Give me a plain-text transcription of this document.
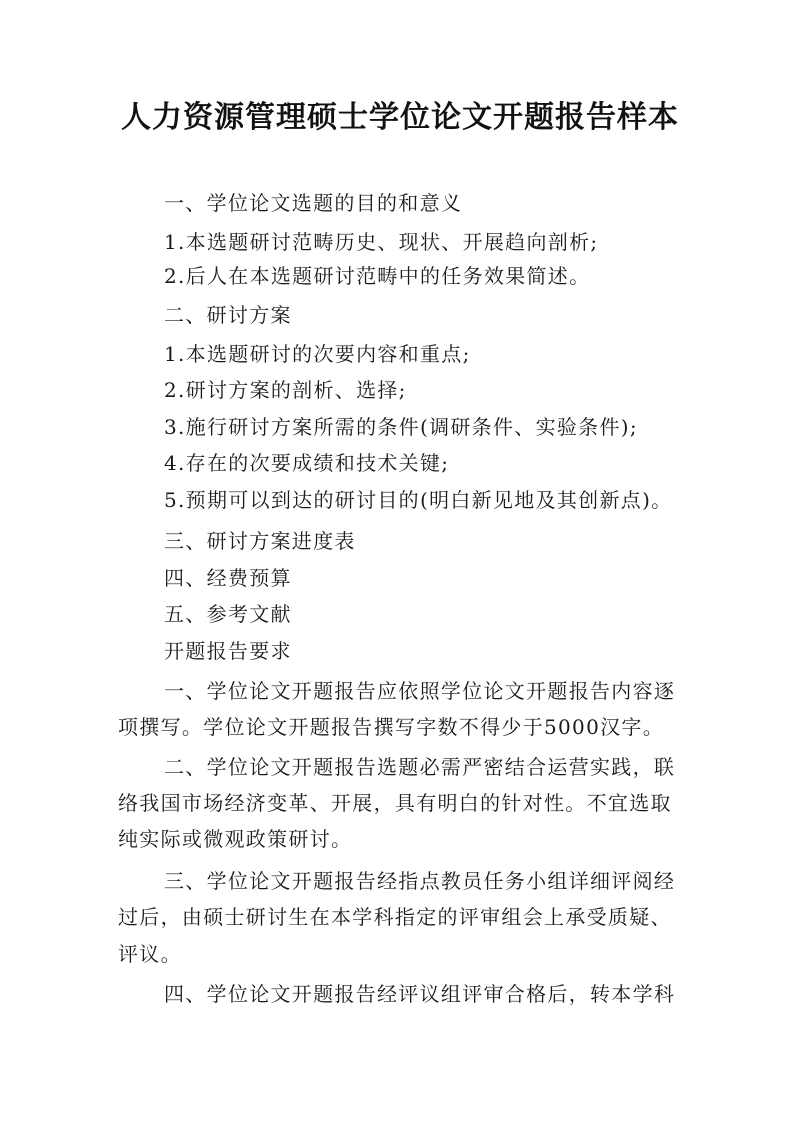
人力资源管理硕士学位论文开题报告样本
一、学位论文选题的目的和意义
1.本选题研讨范畴历史、现状、开展趋向剖析;
2.后人在本选题研讨范畴中的任务效果简述。
二、研讨方案
1.本选题研讨的次要内容和重点;
2.研讨方案的剖析、选择;
3.施行研讨方案所需的条件(调研条件、实验条件);
4.存在的次要成绩和技术关键;
5.预期可以到达的研讨目的(明白新见地及其创新点)。
三、研讨方案进度表
四、经费预算
五、参考文献
开题报告要求
一、学位论文开题报告应依照学位论文开题报告内容逐
项撰写。学位论文开题报告撰写字数不得少于5000汉字。
二、学位论文开题报告选题必需严密结合运营实践，联
络我国市场经济变革、开展，具有明白的针对性。不宜选取
纯实际或微观政策研讨。
三、学位论文开题报告经指点教员任务小组详细评阅经
过后，由硕士研讨生在本学科指定的评审组会上承受质疑、
评议。
四、学位论文开题报告经评议组评审合格后，转本学科
